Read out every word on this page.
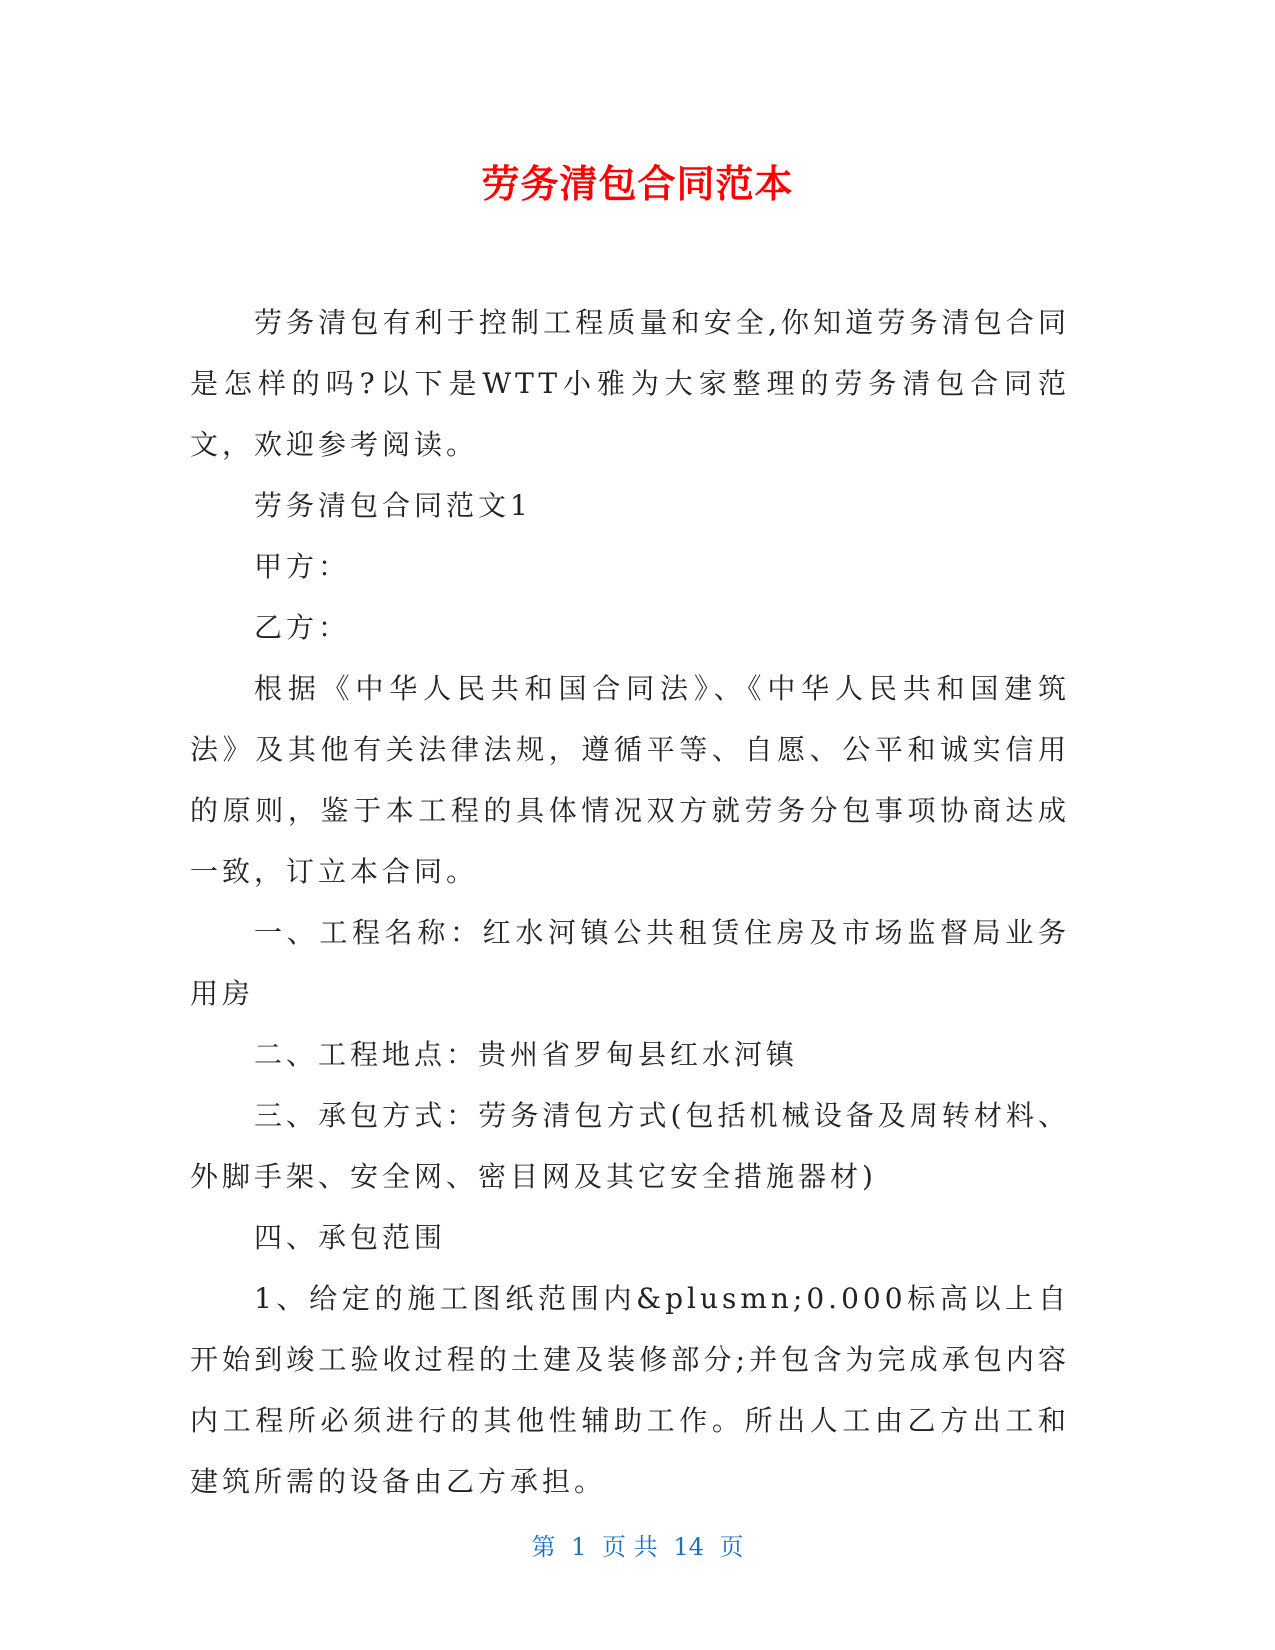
劳务清包合同范本

劳务清包有利于控制工程质量和安全,你知道劳务清包合同是怎样的吗?以下是WTT小雅为大家整理的劳务清包合同范文，欢迎参考阅读。

劳务清包合同范文1

甲方：

乙方：

根据《中华人民共和国合同法》、《中华人民共和国建筑法》及其他有关法律法规，遵循平等、自愿、公平和诚实信用的原则，鉴于本工程的具体情况双方就劳务分包事项协商达成一致，订立本合同。

一、工程名称：红水河镇公共租赁住房及市场监督局业务用房

二、工程地点：贵州省罗甸县红水河镇

三、承包方式：劳务清包方式(包括机械设备及周转材料、外脚手架、安全网、密目网及其它安全措施器材)

四、承包范围

1、给定的施工图纸范围内&plusmn;0.000标高以上自开始到竣工验收过程的土建及装修部分;并包含为完成承包内容内工程所必须进行的其他性辅助工作。所出人工由乙方出工和建筑所需的设备由乙方承担。

第 1 页 共 14 页
